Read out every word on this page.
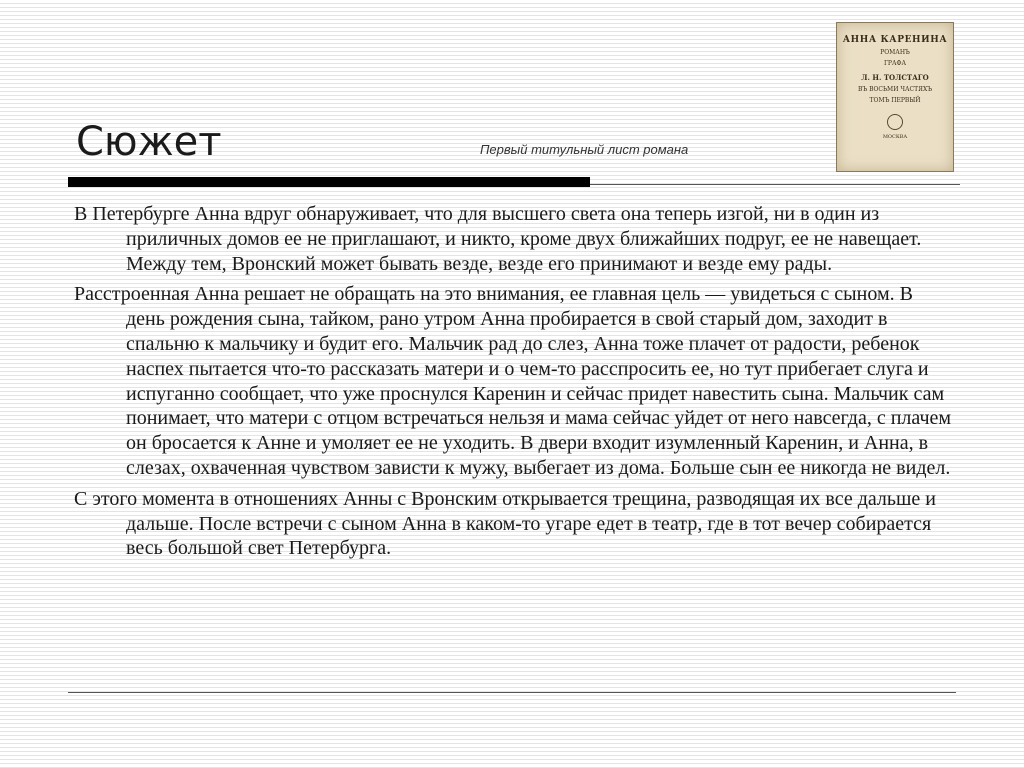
АННА КАРЕНИНА
РОМАНЪ
ГРАФА
Л. Н. ТОЛСТАГО
ВЪ ВОСЬМИ ЧАСТЯХЪ
ТОМЪ ПЕРВЫЙ
МОСКВА
Сюжет	Первый титульный лист романа

В Петербурге Анна вдруг обнаруживает, что для высшего света она теперь изгой, ни в один из приличных домов ее не приглашают, и никто, кроме двух ближайших подруг, ее не навещает. Между тем, Вронский может бывать везде, везде его принимают и везде ему рады.

Расстроенная Анна решает не обращать на это внимания, ее главная цель — увидеться с сыном. В день рождения сына, тайком, рано утром Анна пробирается в свой старый дом, заходит в спальню к мальчику и будит его. Мальчик рад до слез, Анна тоже плачет от радости, ребенок наспех пытается что-то рассказать матери и о чем-то расспросить ее, но тут прибегает слуга и испуганно сообщает, что уже проснулся Каренин и сейчас придет навестить сына. Мальчик сам понимает, что матери с отцом встречаться нельзя и мама сейчас уйдет от него навсегда, с плачем он бросается к Анне и умоляет ее не уходить. В двери входит изумленный Каренин, и Анна, в слезах, охваченная чувством зависти к мужу, выбегает из дома. Больше сын ее никогда не видел.

С этого момента в отношениях Анны с Вронским открывается трещина, разводящая их все дальше и дальше. После встречи с сыном Анна в каком-то угаре едет в театр, где в тот вечер собирается весь большой свет Петербурга.
